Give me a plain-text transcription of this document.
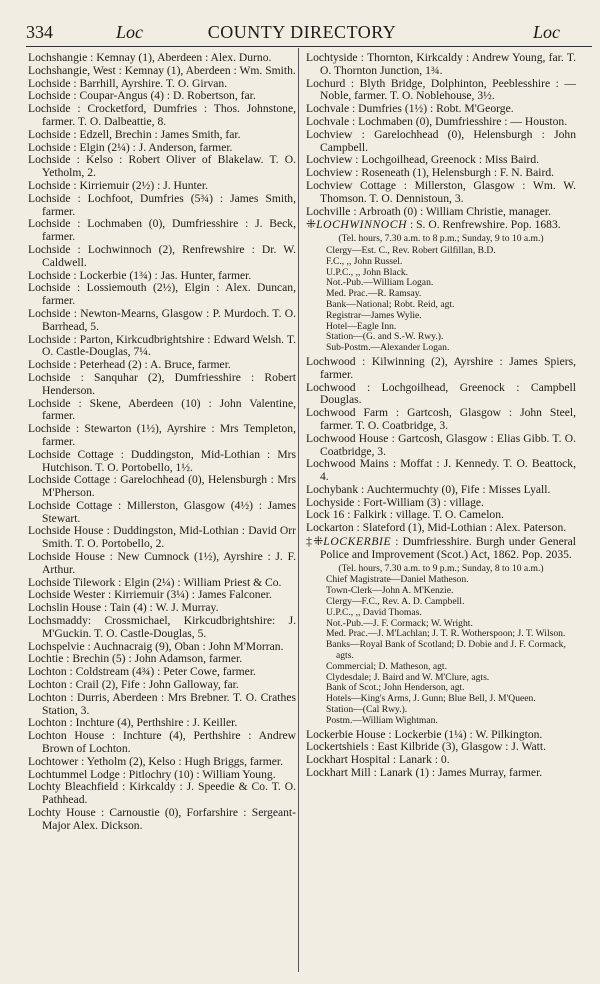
334	Loc	COUNTY DIRECTORY	Loc

Lochshangie : Kemnay (1), Aberdeen : Alex. Durno.

Lochshangie, West : Kemnay (1), Aberdeen : Wm. Smith.

Lochside : Barrhill, Ayrshire. T. O. Girvan.

Lochside : Coupar-Angus (4) : D. Robertson, far.

Lochside : Crocketford, Dumfries : Thos. Johnstone, farmer. T. O. Dalbeattie, 8.

Lochside : Edzell, Brechin : James Smith, far.

Lochside : Elgin (2¼) : J. Anderson, farmer.

Lochside : Kelso : Robert Oliver of Blakelaw. T. O. Yetholm, 2.

Lochside : Kirriemuir (2½) : J. Hunter.

Lochside : Lochfoot, Dumfries (5¾) : James Smith, farmer.

Lochside : Lochmaben (0), Dumfriesshire : J. Beck, farmer.

Lochside : Lochwinnoch (2), Renfrewshire : Dr. W. Caldwell.

Lochside : Lockerbie (1¾) : Jas. Hunter, farmer.

Lochside : Lossiemouth (2½), Elgin : Alex. Duncan, farmer.

Lochside : Newton-Mearns, Glasgow : P. Murdoch. T. O. Barrhead, 5.

Lochside : Parton, Kirkcudbrightshire : Edward Welsh. T. O. Castle-Douglas, 7¼.

Lochside : Peterhead (2) : A. Bruce, farmer.

Lochside : Sanquhar (2), Dumfriesshire : Robert Henderson.

Lochside : Skene, Aberdeen (10) : John Valentine, farmer.

Lochside : Stewarton (1½), Ayrshire : Mrs Templeton, farmer.

Lochside Cottage : Duddingston, Mid-Lothian : Mrs Hutchison. T. O. Portobello, 1½.

Lochside Cottage : Garelochhead (0), Helensburgh : Mrs M'Pherson.

Lochside Cottage : Millerston, Glasgow (4½) : James Stewart.

Lochside House : Duddingston, Mid-Lothian : David Orr Smith. T. O. Portobello, 2.

Lochside House : New Cumnock (1½), Ayrshire : J. F. Arthur.

Lochside Tilework : Elgin (2¼) : William Priest & Co.

Lochside Wester : Kirriemuir (3¼) : James Falconer.

Lochslin House : Tain (4) : W. J. Murray.

Lochsmaddy: Crossmichael, Kirkcudbrightshire: J. M'Guckin. T. O. Castle-Douglas, 5.

Lochspelvie : Auchnacraig (9), Oban : John M'Morran.

Lochtie : Brechin (5) : John Adamson, farmer.

Lochton : Coldstream (4¾) : Peter Cowe, farmer.

Lochton : Crail (2), Fife : John Galloway, far.

Lochton : Durris, Aberdeen : Mrs Brebner. T. O. Crathes Station, 3.

Lochton : Inchture (4), Perthshire : J. Keiller.

Lochton House : Inchture (4), Perthshire : Andrew Brown of Lochton.

Lochtower : Yetholm (2), Kelso : Hugh Briggs, farmer.

Lochtummel Lodge : Pitlochry (10) : William Young.

Lochty Bleachfield : Kirkcaldy : J. Speedie & Co. T. O. Pathhead.

Lochty House : Carnoustie (0), Forfarshire : Sergeant-Major Alex. Dickson.

Lochtyside : Thornton, Kirkcaldy : Andrew Young, far. T. O. Thornton Junction, 1¾.

Lochurd : Blyth Bridge, Dolphinton, Peeblesshire : — Noble, farmer. T. O. Noblehouse, 3½.

Lochvale : Dumfries (1½) : Robt. M'George.

Lochvale : Lochmaben (0), Dumfriesshire : — Houston.

Lochview : Garelochhead (0), Helensburgh : John Campbell.

Lochview : Lochgoilhead, Greenock : Miss Baird.

Lochview : Roseneath (1), Helensburgh : F. N. Baird.

Lochview Cottage : Millerston, Glasgow : Wm. W. Thomson. T. O. Dennistoun, 3.

Lochville : Arbroath (0) : William Christie, manager.

⁜LOCHWINNOCH : S. O. Renfrewshire. Pop. 1683.

(Tel. hours, 7.30 a.m. to 8 p.m.; Sunday, 9 to 10 a.m.)

Clergy—Est. C., Rev. Robert Gilfillan, B.D.

F.C., ,, John Russel.

U.P.C., ,, John Black.

Not.-Pub.—William Logan.

Med. Prac.—R. Ramsay.

Bank—National; Robt. Reid, agt.

Registrar—James Wylie.

Hotel—Eagle Inn.

Station—(G. and S.-W. Rwy.).

Sub-Postm.—Alexander Logan.

Lochwood : Kilwinning (2), Ayrshire : James Spiers, farmer.

Lochwood : Lochgoilhead, Greenock : Campbell Douglas.

Lochwood Farm : Gartcosh, Glasgow : John Steel, farmer. T. O. Coatbridge, 3.

Lochwood House : Gartcosh, Glasgow : Elias Gibb. T. O. Coatbridge, 3.

Lochwood Mains : Moffat : J. Kennedy. T. O. Beattock, 4.

Lochybank : Auchtermuchty (0), Fife : Misses Lyall.

Lochyside : Fort-William (3) : village.

Lock 16 : Falkirk : village. T. O. Camelon.

Lockarton : Slateford (1), Mid-Lothian : Alex. Paterson.

‡⁜LOCKERBIE : Dumfriesshire. Burgh under General Police and Improvement (Scot.) Act, 1862. Pop. 2035.

(Tel. hours, 7.30 a.m. to 9 p.m.; Sunday, 8 to 10 a.m.)

Chief Magistrate—Daniel Matheson.

Town-Clerk—John A. M'Kenzie.

Clergy—F.C., Rev. A. D. Campbell.

U.P.C., ,, David Thomas.

Not.-Pub.—J. F. Cormack; W. Wright.

Med. Prac.—J. M'Lachlan; J. T. R. Wotherspoon; J. T. Wilson.

Banks—Royal Bank of Scotland; D. Dobie and J. F. Cormack, agts.

Commercial; D. Matheson, agt.

Clydesdale; J. Baird and W. M'Clure, agts.

Bank of Scot.; John Henderson, agt.

Hotels—King's Arms, J. Gunn; Blue Bell, J. M'Queen.

Station—(Cal Rwy.).

Postm.—William Wightman.

Lockerbie House : Lockerbie (1¼) : W. Pilkington.

Lockertshiels : East Kilbride (3), Glasgow : J. Watt.

Lockhart Hospital : Lanark : 0.

Lockhart Mill : Lanark (1) : James Murray, farmer.
